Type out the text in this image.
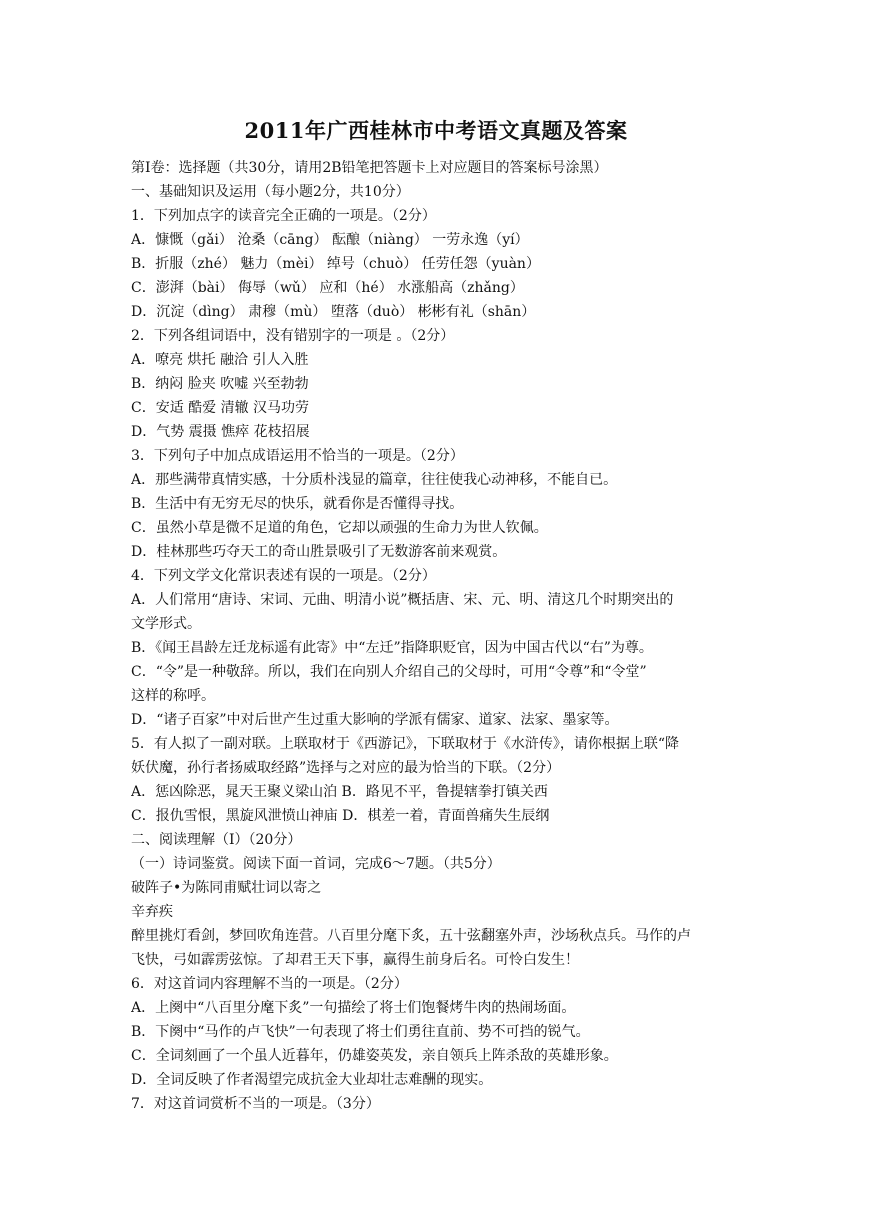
2011年广西桂林市中考语文真题及答案
第Ⅰ卷：选择题（共30分，请用2B铅笔把答题卡上对应题目的答案标号涂黑）
一、基础知识及运用（每小题2分，共10分）
1．下列加点字的读音完全正确的一项是。（2分）
A．慷慨（gǎi） 沧桑（cāng） 酝酿（niàng） 一劳永逸（yí）
B．折服（zhé） 魅力（mèi） 绰号（chuò） 任劳任怨（yuàn）
C．澎湃（bài） 侮辱（wǔ） 应和（hé） 水涨船高（zhǎng）
D．沉淀（dìng） 肃穆（mù） 堕落（duò） 彬彬有礼（shān）
2．下列各组词语中，没有错别字的一项是 。（2分）
A．嘹亮 烘托 融洽 引人入胜
B．纳闷 脸夹 吹嘘 兴至勃勃
C．安适 酷爱 清辙 汉马功劳
D．气势 震摄 憔瘁 花枝招展
3．下列句子中加点成语运用不恰当的一项是。（2分）
A．那些满带真情实感，十分质朴浅显的篇章，往往使我心动神移，不能自已。
B．生活中有无穷无尽的快乐，就看你是否懂得寻找。
C．虽然小草是微不足道的角色，它却以顽强的生命力为世人钦佩。
D．桂林那些巧夺天工的奇山胜景吸引了无数游客前来观赏。
4．下列文学文化常识表述有误的一项是。（2分）
A．人们常用“唐诗、宋词、元曲、明清小说”概括唐、宋、元、明、清这几个时期突出的
文学形式。
B．《闻王昌龄左迁龙标遥有此寄》中“左迁”指降职贬官，因为中国古代以“右”为尊。
C．“令”是一种敬辞。所以，我们在向别人介绍自己的父母时，可用“令尊”和“令堂”
这样的称呼。
D．“诸子百家”中对后世产生过重大影响的学派有儒家、道家、法家、墨家等。
5．有人拟了一副对联。上联取材于《西游记》，下联取材于《水浒传》，请你根据上联“降
妖伏魔，孙行者扬威取经路”选择与之对应的最为恰当的下联。（2分）
A．惩凶除恶，晁天王聚义梁山泊 B．路见不平，鲁提辖拳打镇关西
C．报仇雪恨，黑旋风泄愤山神庙 D．棋差一着，青面兽痛失生辰纲
二、阅读理解（Ⅰ）（20分）
（一）诗词鉴赏。阅读下面一首词，完成6～7题。（共5分）
破阵子•为陈同甫赋壮词以寄之
辛弃疾
醉里挑灯看剑，梦回吹角连营。八百里分麾下炙，五十弦翻塞外声，沙场秋点兵。马作的卢
飞快，弓如霹雳弦惊。了却君王天下事，赢得生前身后名。可怜白发生！
6．对这首词内容理解不当的一项是。（2分）
A．上阕中“八百里分麾下炙”一句描绘了将士们饱餐烤牛肉的热闹场面。
B．下阕中“马作的卢飞快”一句表现了将士们勇往直前、势不可挡的锐气。
C．全词刻画了一个虽人近暮年，仍雄姿英发，亲自领兵上阵杀敌的英雄形象。
D．全词反映了作者渴望完成抗金大业却壮志难酬的现实。
7．对这首词赏析不当的一项是。（3分）
